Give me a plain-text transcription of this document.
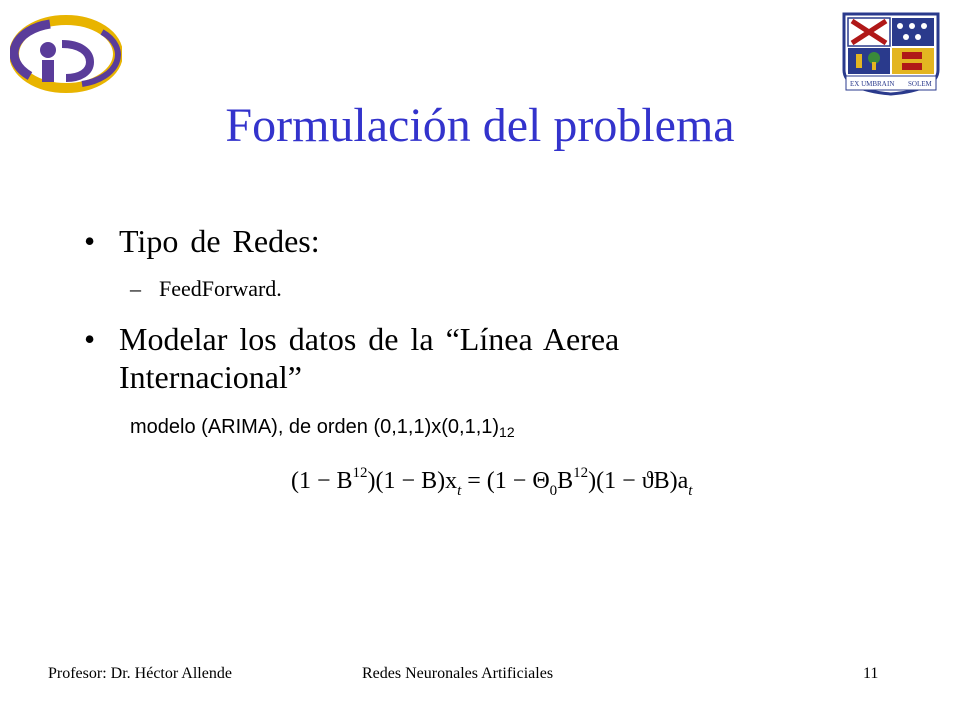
EX UMBRA IN SOLEM
Formulación del problema
• Tipo de Redes:
– FeedForward.
• Modelar los datos de la “Línea Aerea Internacional”
modelo (ARIMA), de orden $(0,1,1)x(0,1,1)_{12}$
$(1 - B^{12})(1 - B)x_t = (1 - \Theta_0B^{12})(1 - ϑB)a_t$
Profesor: Dr. Héctor Allende	Redes Neuronales Artificiales	11
